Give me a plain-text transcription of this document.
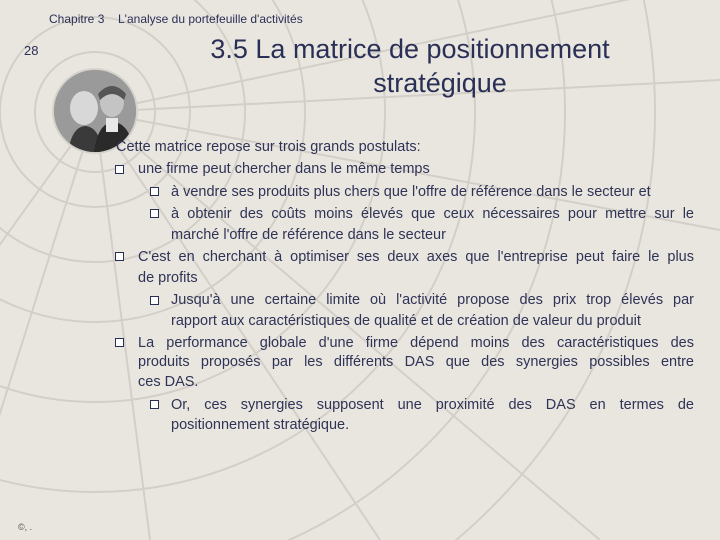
Chapitre 3 L'analyse du portefeuille d'activités
28	3.5 La matrice de positionnement
stratégique
Cette matrice repose sur trois grands postulats:
une firme peut chercher dans le même temps
à vendre ses produits plus chers que l'offre de référence dans le secteur et
à obtenir des coûts moins élevés que ceux nécessaires pour mettre sur le
marché l'offre de référence dans le secteur
C'est en cherchant à optimiser ses deux axes que l'entreprise peut faire le plus
de profits
Jusqu'à une certaine limite où l'activité propose des prix trop élevés par
rapport aux caractéristiques de qualité et de création de valeur du produit
La performance globale d'une firme dépend moins des caractéristiques des
produits proposés par les différents DAS que des synergies possibles entre
ces DAS.
Or, ces synergies supposent une proximité des DAS en termes de
positionnement stratégique.
©, .
